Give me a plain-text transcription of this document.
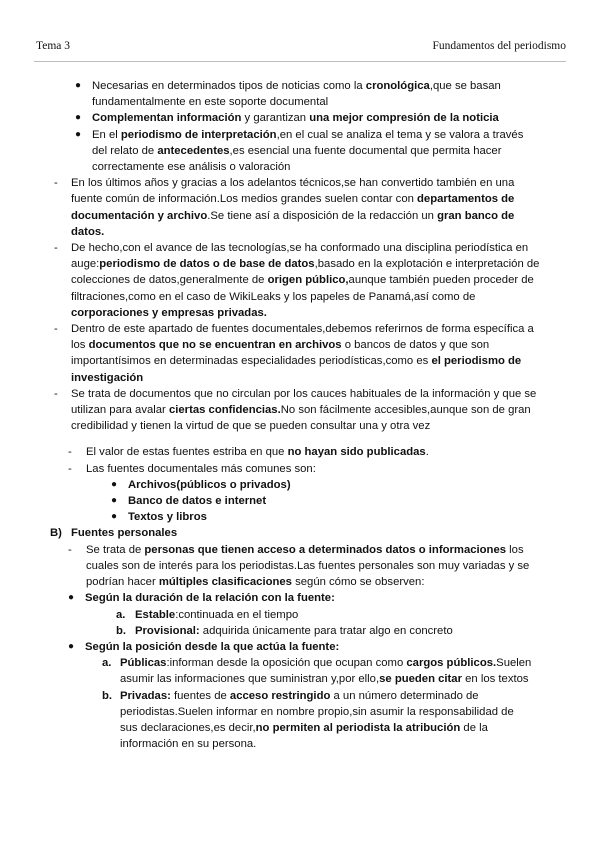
Tema 3	Fundamentos del periodismo
● Necesarias en determinados tipos de noticias como la cronológica,que se basan
fundamentalmente en este soporte documental
● Complementan información y garantizan una mejor compresión de la noticia
● En el periodismo de interpretación,en el cual se analiza el tema y se valora a través
del relato de antecedentes,es esencial una fuente documental que permita hacer
correctamente ese análisis o valoración
- En los últimos años y gracias a los adelantos técnicos,se han convertido también en una
fuente común de información.Los medios grandes suelen contar con departamentos de
documentación y archivo.Se tiene así a disposición de la redacción un gran banco de
datos.
- De hecho,con el avance de las tecnologías,se ha conformado una disciplina periodística en
auge:periodismo de datos o de base de datos,basado en la explotación e interpretación de
colecciones de datos,generalmente de origen público,aunque también pueden proceder de
filtraciones,como en el caso de WikiLeaks y los papeles de Panamá,así como de
corporaciones y empresas privadas.
- Dentro de este apartado de fuentes documentales,debemos referirnos de forma específica a
los documentos que no se encuentran en archivos o bancos de datos y que son
importantísimos en determinadas especialidades periodísticas,como es el periodismo de
investigación
- Se trata de documentos que no circulan por los cauces habituales de la información y que se
utilizan para avalar ciertas confidencias.No son fácilmente accesibles,aunque son de gran
credibilidad y tienen la virtud de que se pueden consultar una y otra vez
- El valor de estas fuentes estriba en que no hayan sido publicadas.
- Las fuentes documentales más comunes son:
● Archivos(públicos o privados)
● Banco de datos e internet
● Textos y libros
B) Fuentes personales
- Se trata de personas que tienen acceso a determinados datos o informaciones los
cuales son de interés para los periodistas.Las fuentes personales son muy variadas y se
podrían hacer múltiples clasificaciones según cómo se observen:
● Según la duración de la relación con la fuente:
a. Estable:continuada en el tiempo
b. Provisional: adquirida únicamente para tratar algo en concreto
● Según la posición desde la que actúa la fuente:
a. Públicas:informan desde la oposición que ocupan como cargos públicos.Suelen
asumir las informaciones que suministran y,por ello,se pueden citar en los textos
b. Privadas: fuentes de acceso restringido a un número determinado de
periodistas.Suelen informar en nombre propio,sin asumir la responsabilidad de
sus declaraciones,es decir,no permiten al periodista la atribución de la
información en su persona.
